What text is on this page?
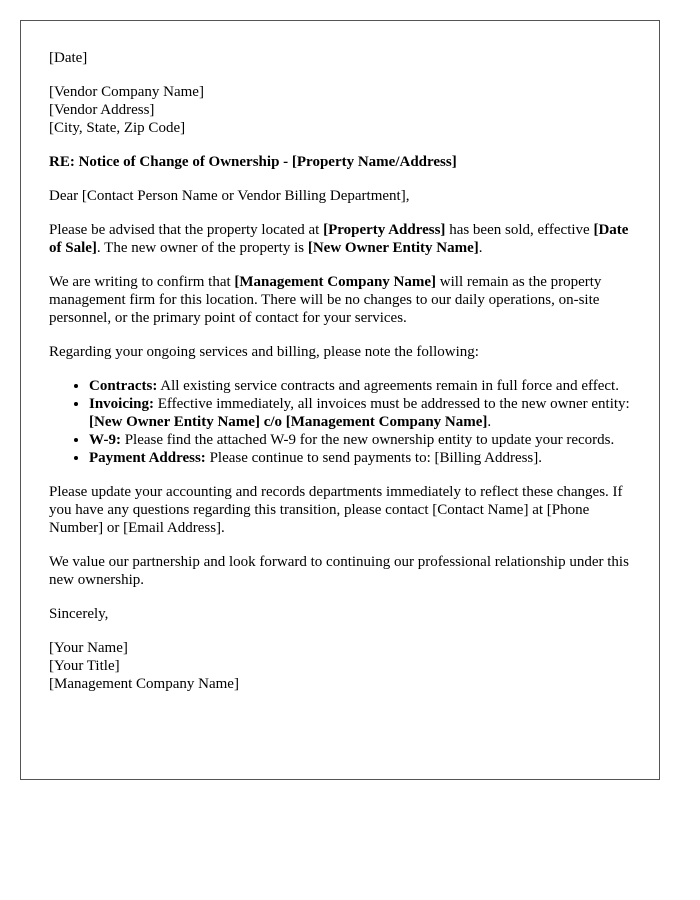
[Date]

[Vendor Company Name]
[Vendor Address]
[City, State, Zip Code]

RE: Notice of Change of Ownership - [Property Name/Address]

Dear [Contact Person Name or Vendor Billing Department],

Please be advised that the property located at [Property Address] has been sold, effective [Date of Sale]. The new owner of the property is [New Owner Entity Name].

We are writing to confirm that [Management Company Name] will remain as the property management firm for this location. There will be no changes to our daily operations, on-site personnel, or the primary point of contact for your services.

Regarding your ongoing services and billing, please note the following:

• Contracts: All existing service contracts and agreements remain in full force and effect.
• Invoicing: Effective immediately, all invoices must be addressed to the new owner entity: [New Owner Entity Name] c/o [Management Company Name].
• W-9: Please find the attached W-9 for the new ownership entity to update your records.
• Payment Address: Please continue to send payments to: [Billing Address].

Please update your accounting and records departments immediately to reflect these changes. If you have any questions regarding this transition, please contact [Contact Name] at [Phone Number] or [Email Address].

We value our partnership and look forward to continuing our professional relationship under this new ownership.

Sincerely,

[Your Name]
[Your Title]
[Management Company Name]
